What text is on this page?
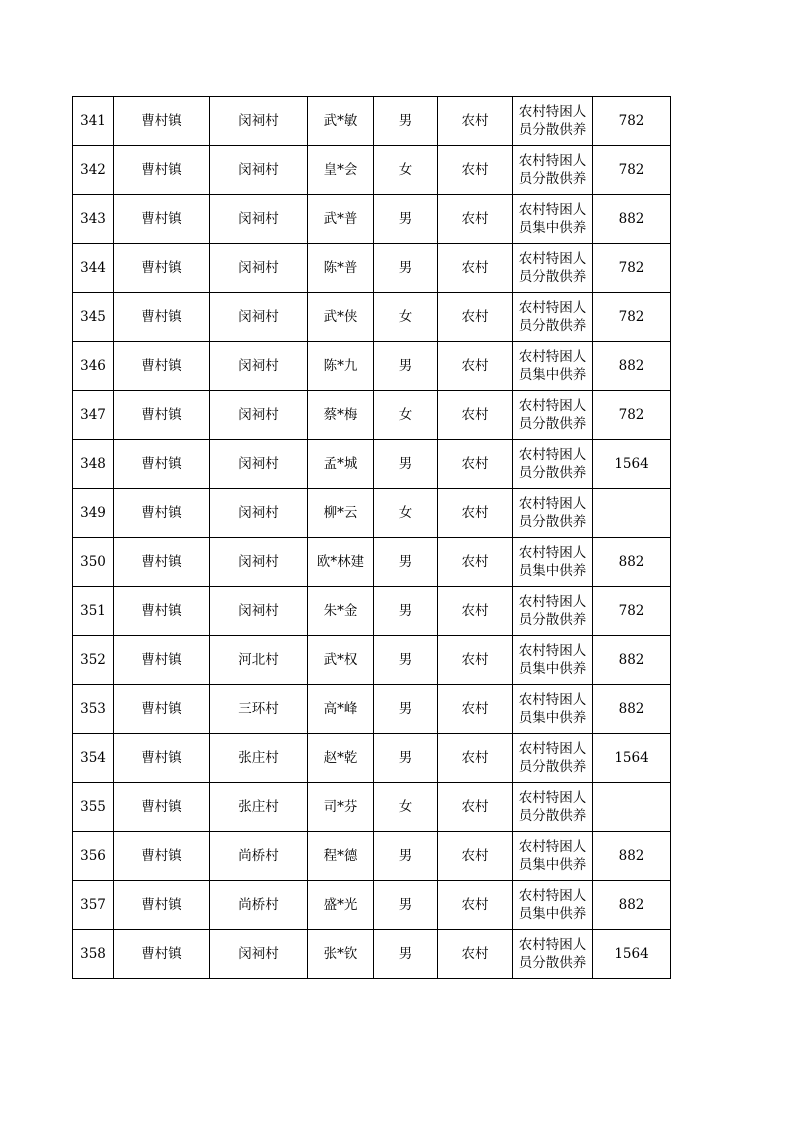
341	曹村镇	闵祠村	武*敏	男	农村	农村特困人员分散供养	782
342	曹村镇	闵祠村	皇*会	女	农村	农村特困人员分散供养	782
343	曹村镇	闵祠村	武*普	男	农村	农村特困人员集中供养	882
344	曹村镇	闵祠村	陈*普	男	农村	农村特困人员分散供养	782
345	曹村镇	闵祠村	武*侠	女	农村	农村特困人员分散供养	782
346	曹村镇	闵祠村	陈*九	男	农村	农村特困人员集中供养	882
347	曹村镇	闵祠村	蔡*梅	女	农村	农村特困人员分散供养	782
348	曹村镇	闵祠村	孟*城	男	农村	农村特困人员分散供养	1564
349	曹村镇	闵祠村	柳*云	女	农村	农村特困人员分散供养	
350	曹村镇	闵祠村	欧*林建	男	农村	农村特困人员集中供养	882
351	曹村镇	闵祠村	朱*金	男	农村	农村特困人员分散供养	782
352	曹村镇	河北村	武*权	男	农村	农村特困人员集中供养	882
353	曹村镇	三环村	高*峰	男	农村	农村特困人员集中供养	882
354	曹村镇	张庄村	赵*乾	男	农村	农村特困人员分散供养	1564
355	曹村镇	张庄村	司*芬	女	农村	农村特困人员分散供养	
356	曹村镇	尚桥村	程*德	男	农村	农村特困人员集中供养	882
357	曹村镇	尚桥村	盛*光	男	农村	农村特困人员集中供养	882
358	曹村镇	闵祠村	张*钦	男	农村	农村特困人员分散供养	1564
